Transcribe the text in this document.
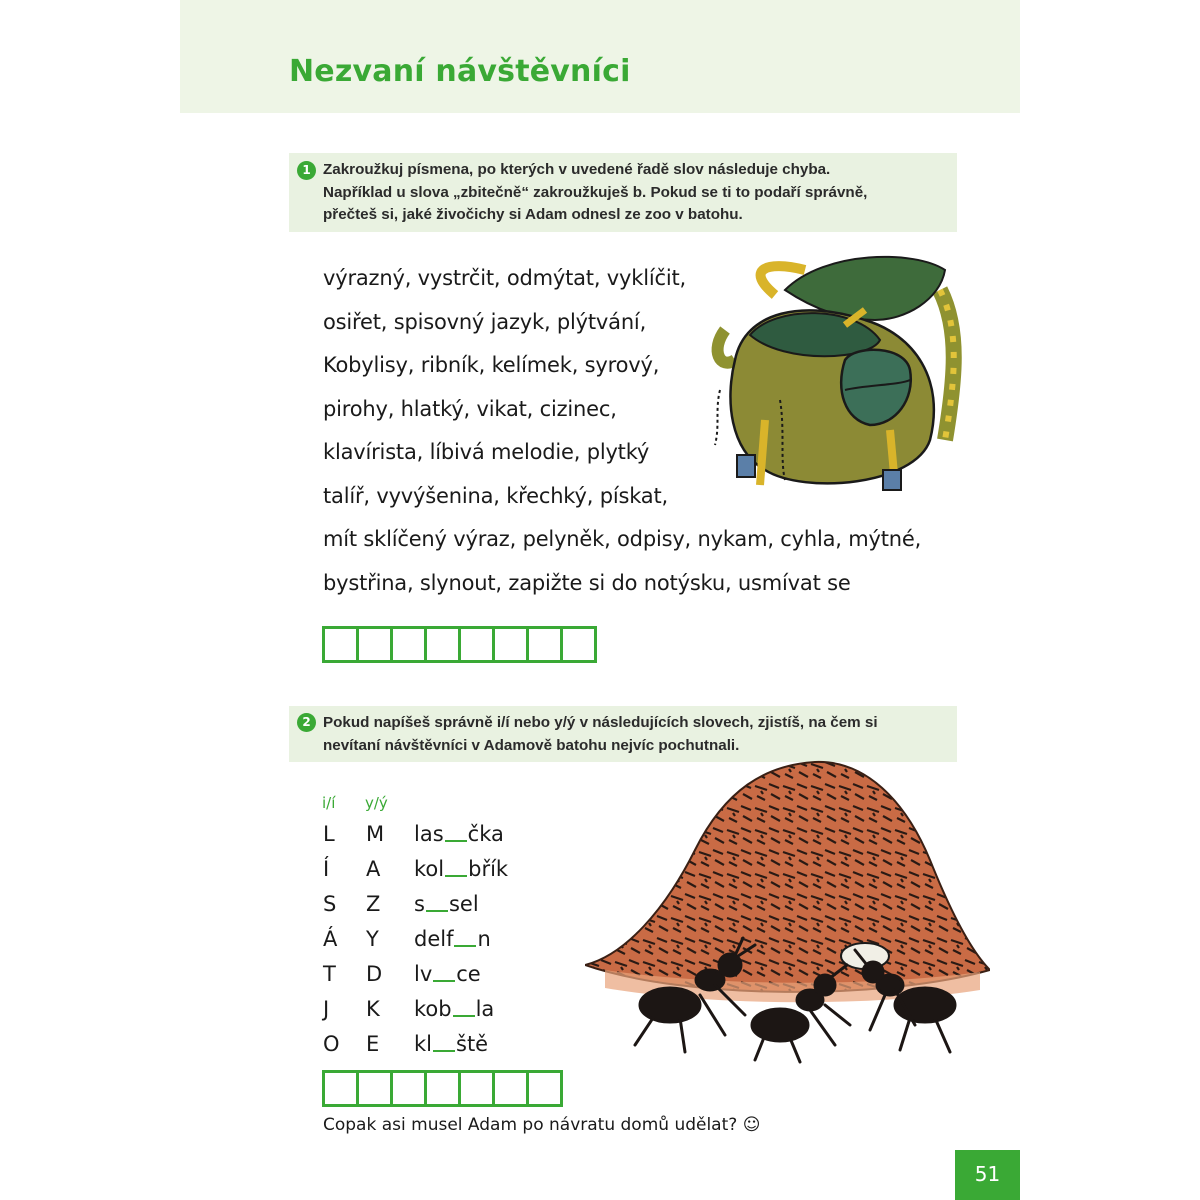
Nezvaní návštěvníci
1 Zakroužkuj písmena, po kterých v uvedené řadě slov následuje chyba.
Například u slova „zbitečně“ zakroužkuješ b. Pokud se ti to podaří správně,
přečteš si, jaké živočichy si Adam odnesl ze zoo v batohu.
výrazný, vystrčit, odmýtat, vyklíčit,
osiřet, spisovný jazyk, plýtvání,
Kobylisy, ribník, kelímek, syrový,
pirohy, hlatký, vikat, cizinec,
klavírista, líbivá melodie, plytký
talíř, vyvýšenina, křechký, pískat,
mít sklíčený výraz, pelyněk, odpisy, nykam, cyhla, mýtné,
bystřina, slynout, zapižte si do notýsku, usmívat se
2 Pokud napíšeš správně i/í nebo y/ý v následujících slovech, zjistíš, na čem si
nevítaní návštěvníci v Adamově batohu nejvíc pochutnali.
i/í y/ý
L M las čka
Í A kol břík
S Z s sel
Á Y delf n
T D lv ce
J K kob la
O E kl ště
Copak asi musel Adam po návratu domů udělat? ☺
51
